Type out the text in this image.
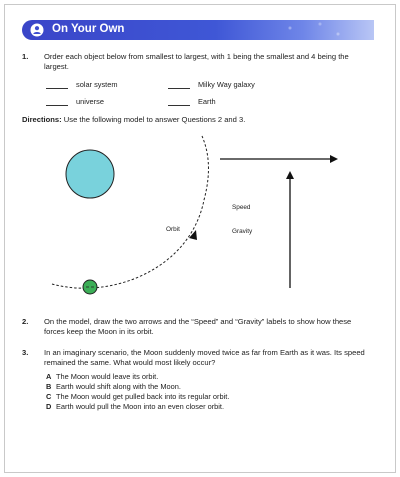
On Your Own
1. Order each object below from smallest to largest, with 1 being the smallest and 4 being the largest.
solar system	Milky Way galaxy
universe	Earth
Directions: Use the following model to answer Questions 2 and 3.
Orbit
Speed
Gravity
2. On the model, draw the two arrows and the “Speed” and “Gravity” labels to show how these forces keep the Moon in its orbit.
3. In an imaginary scenario, the Moon suddenly moved twice as far from Earth as it was. Its speed remained the same. What would most likely occur?
A The Moon would leave its orbit.
B Earth would shift along with the Moon.
C The Moon would get pulled back into its regular orbit.
D Earth would pull the Moon into an even closer orbit.
